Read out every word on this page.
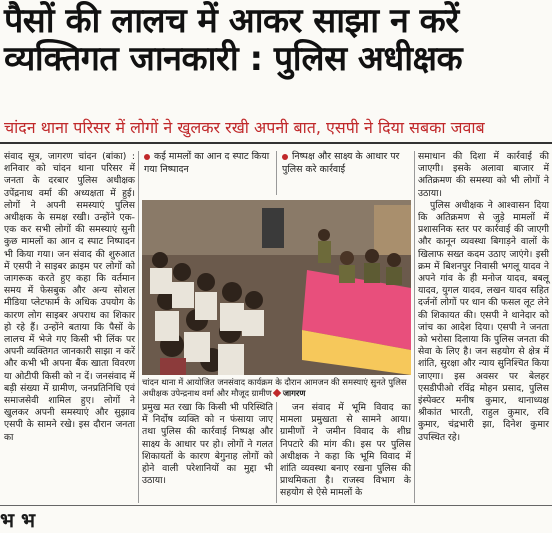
पैसों की लालच में आकर साझा न करें
व्यक्तिगत जानकारी : पुलिस अधीक्षक
चांदन थाना परिसर में लोगों ने खुलकर रखी अपनी बात, एसपी ने दिया सबका जवाब

संवाद सूत्र, जागरण चांदन (बांका) : शनिवार को चांदन थाना परिसर में जनता के दरबार पुलिस अधीक्षक उपेंद्रनाथ वर्मा की अध्यक्षता में हुई। लोगों ने अपनी समस्याएं पुलिस अधीक्षक के समक्ष रखी। उन्होंने एक-एक कर सभी लोगों की समस्याएं सुनी कुछ मामलों का आन द स्पाट निष्पादन भी किया गया। जन संवाद की शुरुआत में एसपी ने साइबर क्राइम पर लोगों को जागरूक करते हुए कहा कि वर्तमान समय में फेसबुक और अन्य सोशल मीडिया प्लेटफार्म के अधिक उपयोग के कारण लोग साइबर अपराध का शिकार हो रहे हैं। उन्होंने बताया कि पैसों के लालच में भेजे गए किसी भी लिंक पर अपनी व्यक्तिगत जानकारी साझा न करें और कभी भी अपना बैंक खाता विवरण या ओटीपी किसी को न दें। जनसंवाद में बड़ी संख्या में ग्रामीण, जनप्रतिनिधि एवं समाजसेवी शामिल हुए। लोगों ने खुलकर अपनी समस्याएं और सुझाव एसपी के सामने रखे। इस दौरान जनता का

कई मामलों का आन द स्पाट किया गया निष्पादन
निष्पक्ष और साक्ष्य के आधार पर पुलिस करे कार्रवाई
चांदन थाना में आयोजित जनसंवाद कार्यक्रम के दौरान आमजन की समस्याएं सुनते पुलिस अधीक्षक उपेन्द्रनाथ वर्मा और मौजूद ग्रामीण जागरण

प्रमुख मत रखा कि किसी भी परिस्थिति में निर्दोष व्यक्ति को न फंसाया जाए तथा पुलिस की कार्रवाई निष्पक्ष और साक्ष्य के आधार पर हो। लोगों ने गलत शिकायतों के कारण बेगुनाह लोगों को होने वाली परेशानियों का मुद्दा भी उठाया।

जन संवाद में भूमि विवाद का मामला प्रमुखता से सामने आया। ग्रामीणों ने जमीन विवाद के शीघ्र निपटारे की मांग की। इस पर पुलिस अधीक्षक ने कहा कि भूमि विवाद में शांति व्यवस्था बनाए रखना पुलिस की प्राथमिकता है। राजस्व विभाग के सहयोग से ऐसे मामलों के

समाधान की दिशा में कार्रवाई की जाएगी। इसके अलावा बाजार में अतिक्रमण की समस्या को भी लोगों ने उठाया।

पुलिस अधीक्षक ने आश्वासन दिया कि अतिक्रमण से जुड़े मामलों में प्रशासनिक स्तर पर कार्रवाई की जाएगी और कानून व्यवस्था बिगाड़ने वालों के खिलाफ सख्त कदम उठाए जाएंगे। इसी क्रम में बिशनपुर निवासी भगलू यादव ने अपने गांव के ही मनोज यादव, बबलू यादव, युगल यादव, लखन यादव सहित दर्जनों लोगों पर धान की फसल लूट लेने की शिकायत की। एसपी ने थानेदार को जांच का आदेश दिया। एसपी ने जनता को भरोसा दिलाया कि पुलिस जनता की सेवा के लिए है। जन सहयोग से क्षेत्र में शांति, सुरक्षा और न्याय सुनिश्चित किया जाएगा। इस अवसर पर बेलहर एसडीपीओ रविंद्र मोहन प्रसाद, पुलिस इंस्पेक्टर मनीष कुमार, थानाध्यक्ष श्रीकांत भारती, राहुल कुमार, रवि कुमार, चंद्रभारी झा, दिनेश कुमार उपस्थित रहे।

भ भ
